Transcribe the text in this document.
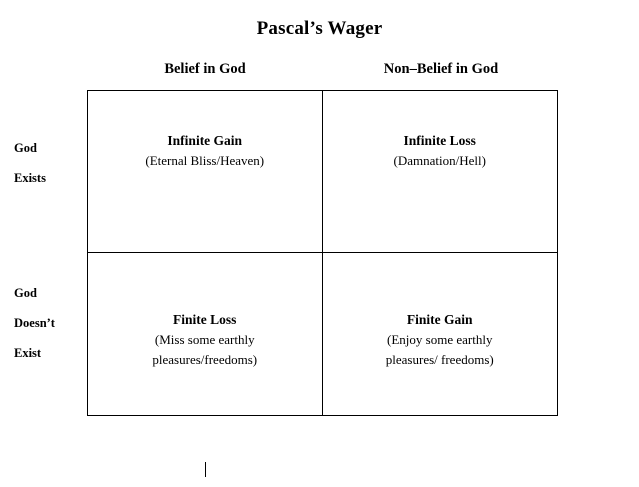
Pascal’s Wager
Belief in God	Non–Belief in God
God
Exists
God
Doesn’t
Exist
Infinite Gain
(Eternal Bliss/Heaven)
Infinite Loss
(Damnation/Hell)
Finite Loss
(Miss some earthly
pleasures/freedoms)
Finite Gain
(Enjoy some earthly
pleasures/ freedoms)
